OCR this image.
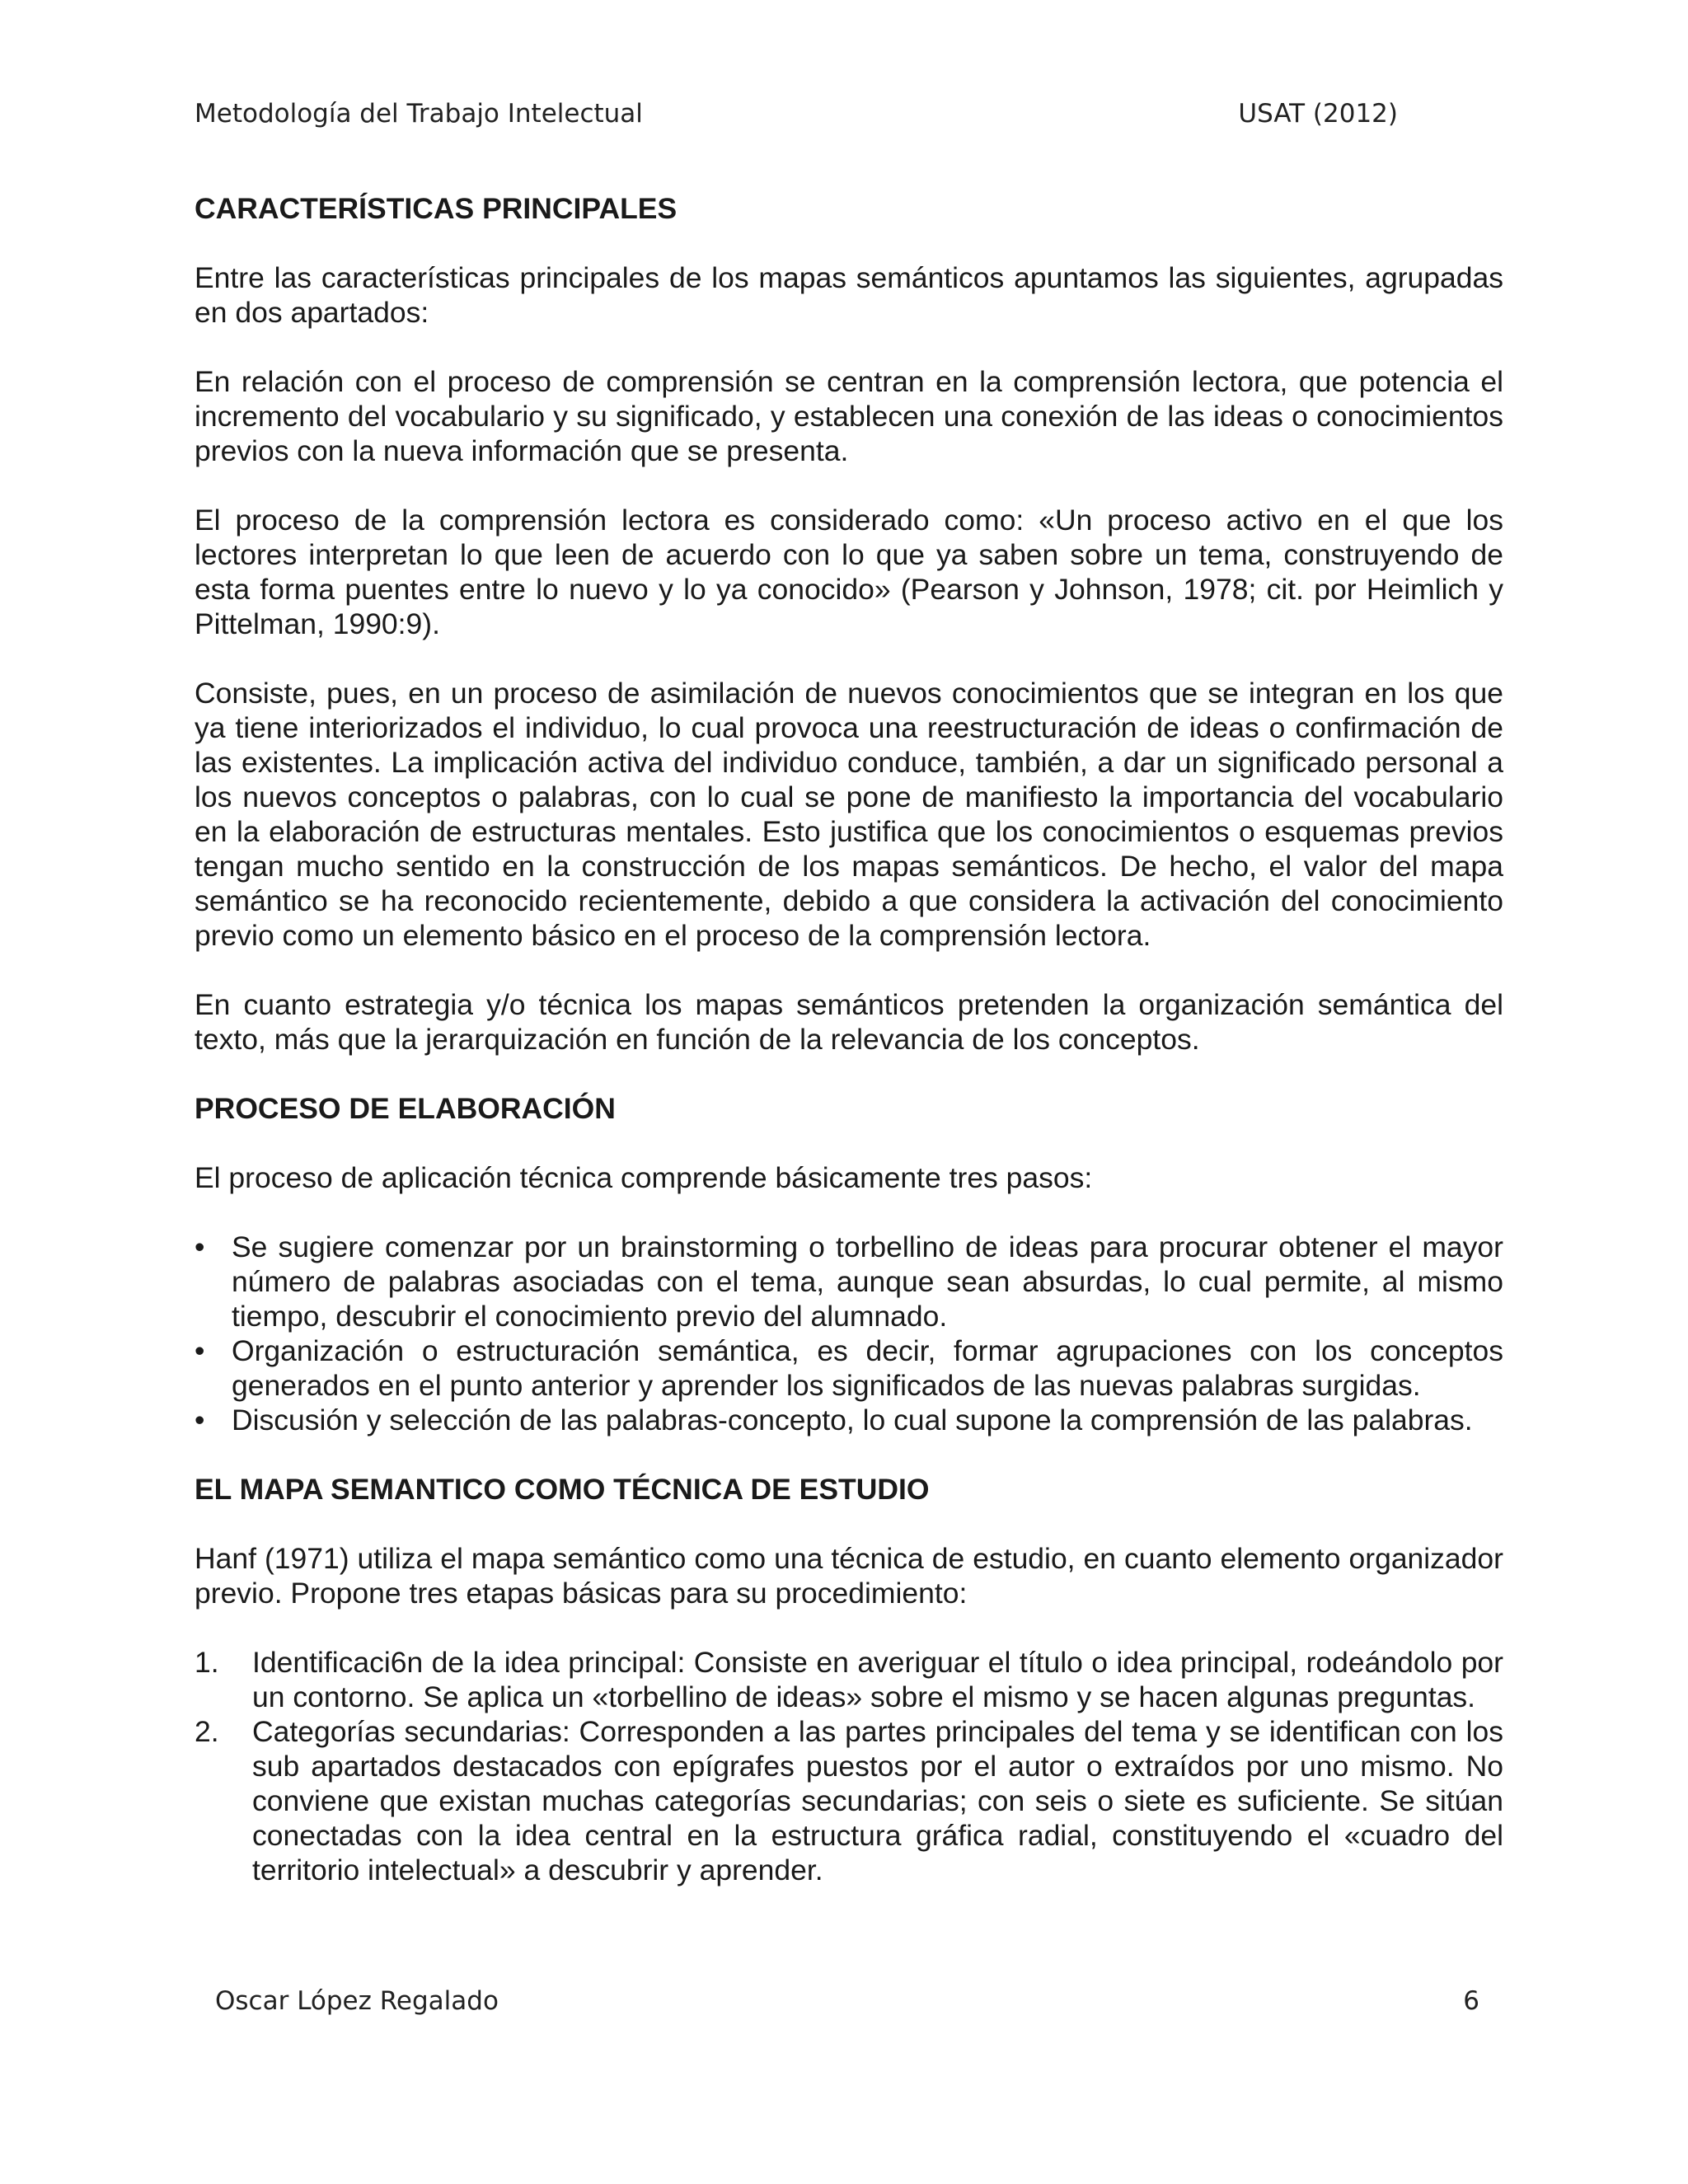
Metodología del Trabajo Intelectual	USAT (2012)
CARACTERÍSTICAS PRINCIPALES

Entre las características principales de los mapas semánticos apuntamos las siguientes, agrupadas en dos apartados:

En relación con el proceso de comprensión se centran en la comprensión lectora, que potencia el incremento del vocabulario y su significado, y establecen una conexión de las ideas o conocimientos previos con la nueva información que se presenta.

El proceso de la comprensión lectora es considerado como: «Un proceso activo en el que los lectores interpretan lo que leen de acuerdo con lo que ya saben sobre un tema, construyendo de esta forma puentes entre lo nuevo y lo ya conocido» (Pearson y Johnson, 1978; cit. por Heimlich y Pittelman, 1990:9).

Consiste, pues, en un proceso de asimilación de nuevos conocimientos que se integran en los que ya tiene interiorizados el individuo, lo cual provoca una reestructuración de ideas o confirmación de las existentes. La implicación activa del individuo conduce, también, a dar un significado personal a los nuevos conceptos o palabras, con lo cual se pone de manifiesto la importancia del vocabulario en la elaboración de estructuras mentales. Esto justifica que los conocimientos o esquemas previos tengan mucho sentido en la construcción de los mapas semánticos. De hecho, el valor del mapa semántico se ha reconocido recientemente, debido a que considera la activación del conocimiento previo como un elemento básico en el proceso de la comprensión lectora.

En cuanto estrategia y/o técnica los mapas semánticos pretenden la organización semántica del texto, más que la jerarquización en función de la relevancia de los conceptos.

PROCESO DE ELABORACIÓN

El proceso de aplicación técnica comprende básicamente tres pasos:

• Se sugiere comenzar por un brainstorming o torbellino de ideas para procurar obtener el mayor número de palabras asociadas con el tema, aunque sean absurdas, lo cual permite, al mismo tiempo, descubrir el conocimiento previo del alumnado.
• Organización o estructuración semántica, es decir, formar agrupaciones con los conceptos generados en el punto anterior y aprender los significados de las nuevas palabras surgidas.
• Discusión y selección de las palabras-concepto, lo cual supone la comprensión de las palabras.
EL MAPA SEMANTICO COMO TÉCNICA DE ESTUDIO

Hanf (1971) utiliza el mapa semántico como una técnica de estudio, en cuanto elemento organizador previo. Propone tres etapas básicas para su procedimiento:

1. Identificaci6n de la idea principal: Consiste en averiguar el título o idea principal, rodeándolo por un contorno. Se aplica un «torbellino de ideas» sobre el mismo y se hacen algunas preguntas.
2. Categorías secundarias: Corresponden a las partes principales del tema y se identifican con los sub apartados destacados con epígrafes puestos por el autor o extraídos por uno mismo. No conviene que existan muchas categorías secundarias; con seis o siete es suficiente. Se sitúan conectadas con la idea central en la estructura gráfica radial, constituyendo el «cuadro del territorio intelectual» a descubrir y aprender.
Oscar López Regalado	6
